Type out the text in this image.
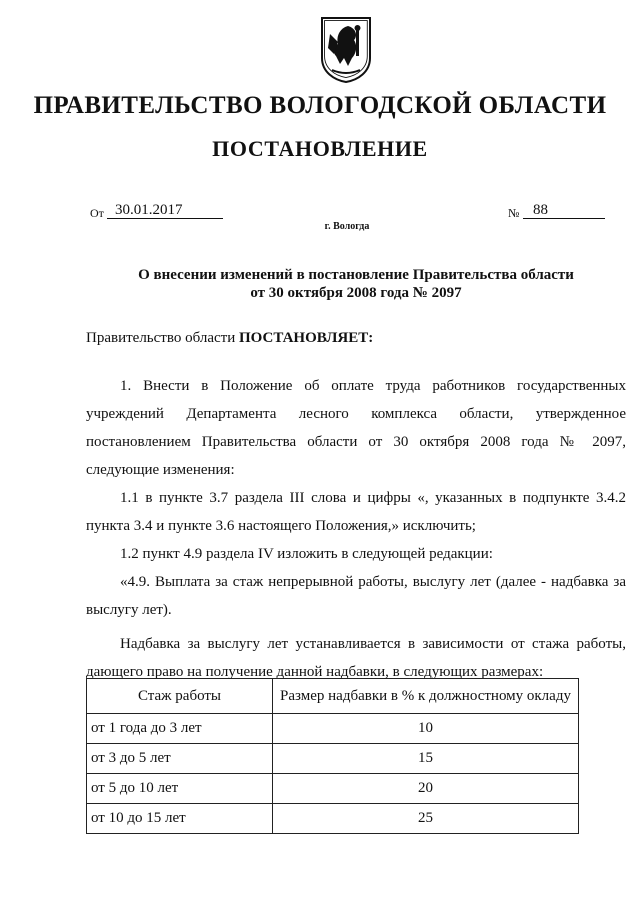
ПРАВИТЕЛЬСТВО ВОЛОГОДСКОЙ ОБЛАСТИ
ПОСТАНОВЛЕНИЕ
От 30.01.2017	№ 88
г. Вологда
О внесении изменений в постановление Правительства области
от 30 октября 2008 года № 2097
Правительство области ПОСТАНОВЛЯЕТ:

1. Внести в Положение об оплате труда работников государственных учреждений Департамента лесного комплекса области, утвержденное постановлением Правительства области от 30 октября 2008 года № 2097, следующие изменения:

1.1 в пункте 3.7 раздела III слова и цифры «, указанных в подпункте 3.4.2 пункта 3.4 и пункте 3.6 настоящего Положения,» исключить;

1.2 пункт 4.9 раздела IV изложить в следующей редакции:

«4.9. Выплата за стаж непрерывной работы, выслугу лет (далее - надбавка за выслугу лет).

Надбавка за выслугу лет устанавливается в зависимости от стажа работы, дающего право на получение данной надбавки, в следующих размерах:

Стаж работы	Размер надбавки в % к должностному окладу
от 1 года до 3 лет	10
от 3 до 5 лет	15
от 5 до 10 лет	20
от 10 до 15 лет	25
